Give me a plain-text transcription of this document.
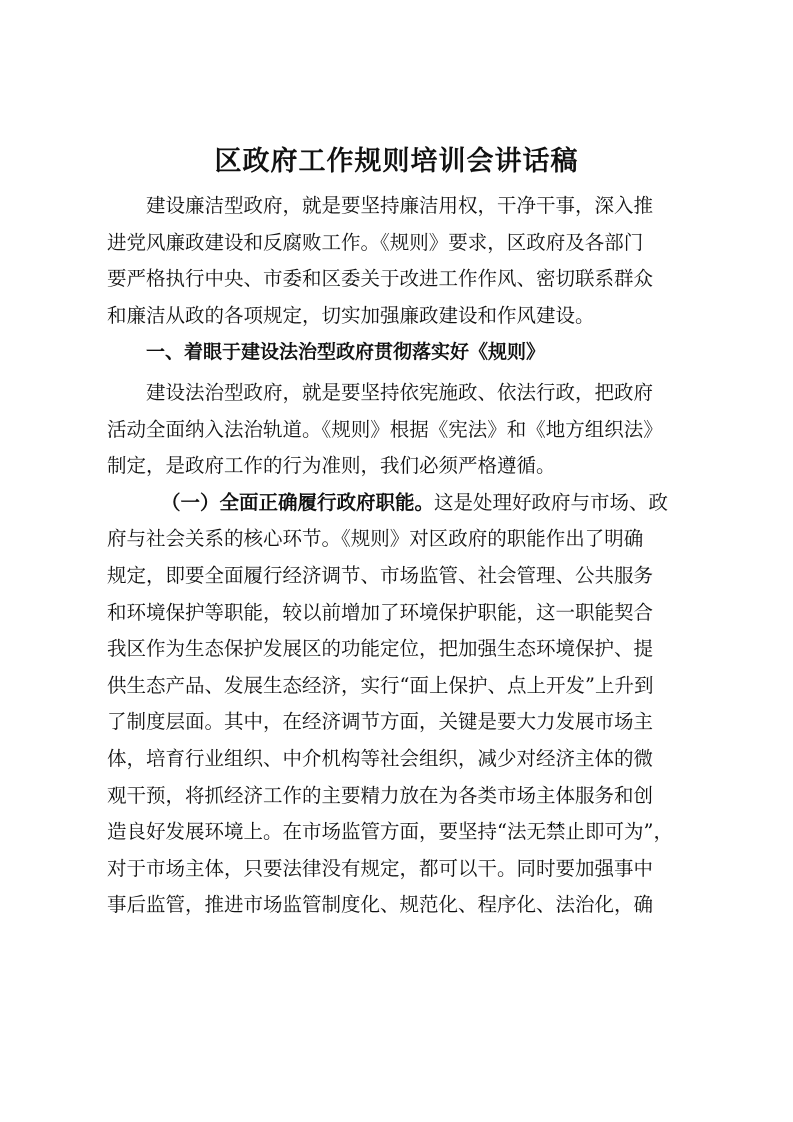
区政府工作规则培训会讲话稿
建设廉洁型政府，就是要坚持廉洁用权，干净干事，深入推
进党风廉政建设和反腐败工作。《规则》要求，区政府及各部门
要严格执行中央、市委和区委关于改进工作作风、密切联系群众
和廉洁从政的各项规定，切实加强廉政建设和作风建设。
一、着眼于建设法治型政府贯彻落实好《规则》
建设法治型政府，就是要坚持依宪施政、依法行政，把政府
活动全面纳入法治轨道。《规则》根据《宪法》和《地方组织法》
制定，是政府工作的行为准则，我们必须严格遵循。
（一）全面正确履行政府职能。这是处理好政府与市场、政
府与社会关系的核心环节。《规则》对区政府的职能作出了明确
规定，即要全面履行经济调节、市场监管、社会管理、公共服务
和环境保护等职能，较以前增加了环境保护职能，这一职能契合
我区作为生态保护发展区的功能定位，把加强生态环境保护、提
供生态产品、发展生态经济，实行“面上保护、点上开发”上升到
了制度层面。其中，在经济调节方面，关键是要大力发展市场主
体，培育行业组织、中介机构等社会组织，减少对经济主体的微
观干预，将抓经济工作的主要精力放在为各类市场主体服务和创
造良好发展环境上。在市场监管方面，要坚持“法无禁止即可为”，
对于市场主体，只要法律没有规定，都可以干。同时要加强事中
事后监管，推进市场监管制度化、规范化、程序化、法治化，确
